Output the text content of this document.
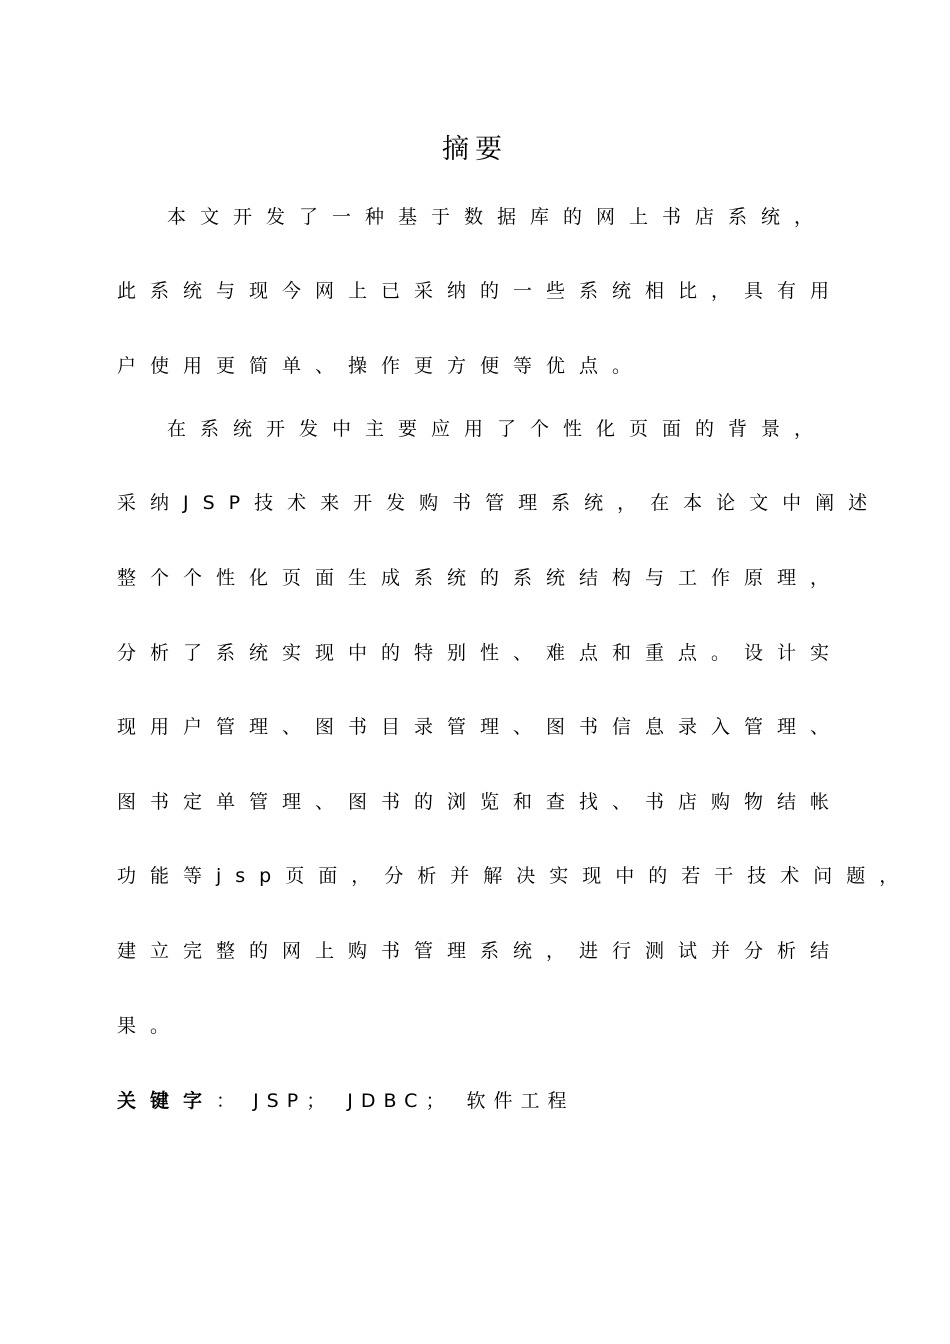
摘要
本文开发了一种基于数据库的网上书店系统，
此系统与现今网上已采纳的一些系统相比，具有用
户使用更简单、操作更方便等优点。
在系统开发中主要应用了个性化页面的背景，
采纳JSP技术来开发购书管理系统，在本论文中阐述
整个个性化页面生成系统的系统结构与工作原理，
分析了系统实现中的特别性、难点和重点。设计实
现用户管理、图书目录管理、图书信息录入管理、
图书定单管理、图书的浏览和查找、书店购物结帐
功能等jsp页面，分析并解决实现中的若干技术问题，
建立完整的网上购书管理系统，进行测试并分析结
果。
关键字： JSP； JDBC； 软件工程
